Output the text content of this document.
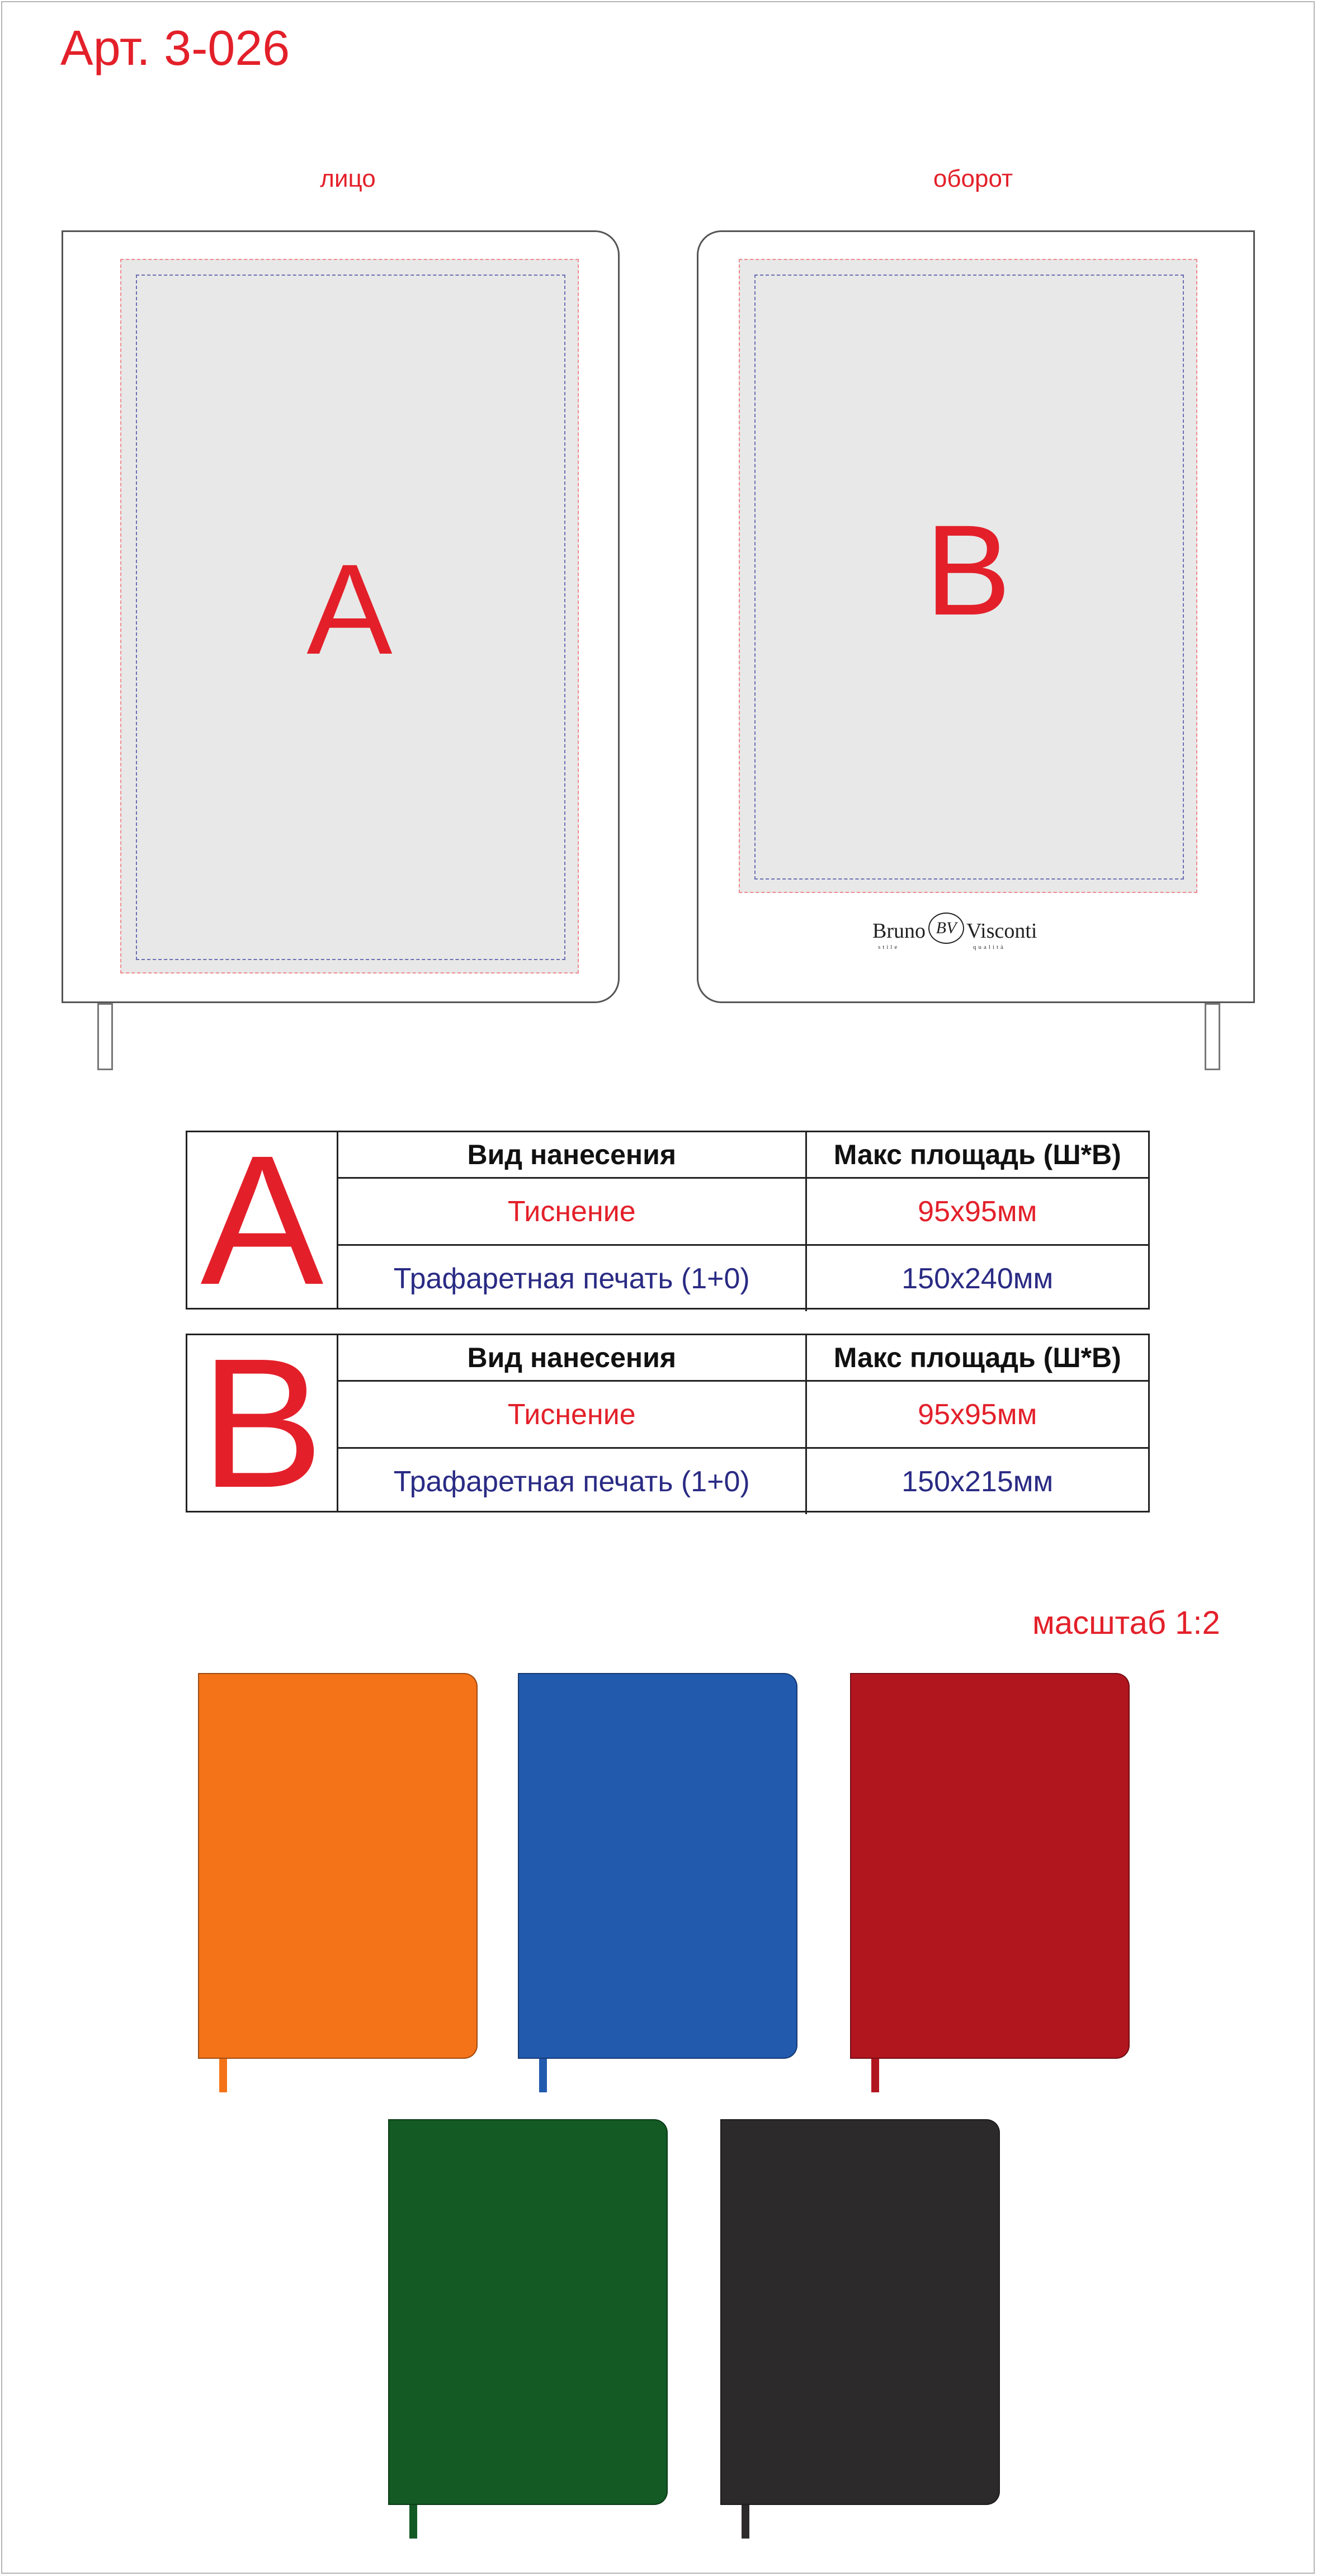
Арт. 3-026
лицо	оборот
A	B
Bruno BV Visconti
stile	qualità
A	Вид нанесения	Макс площадь (Ш*В)
Тиснение	95x95мм
Трафаретная печать (1+0)	150x240мм
B	Вид нанесения	Макс площадь (Ш*В)
Тиснение	95x95мм
Трафаретная печать (1+0)	150x215мм
масштаб 1:2
